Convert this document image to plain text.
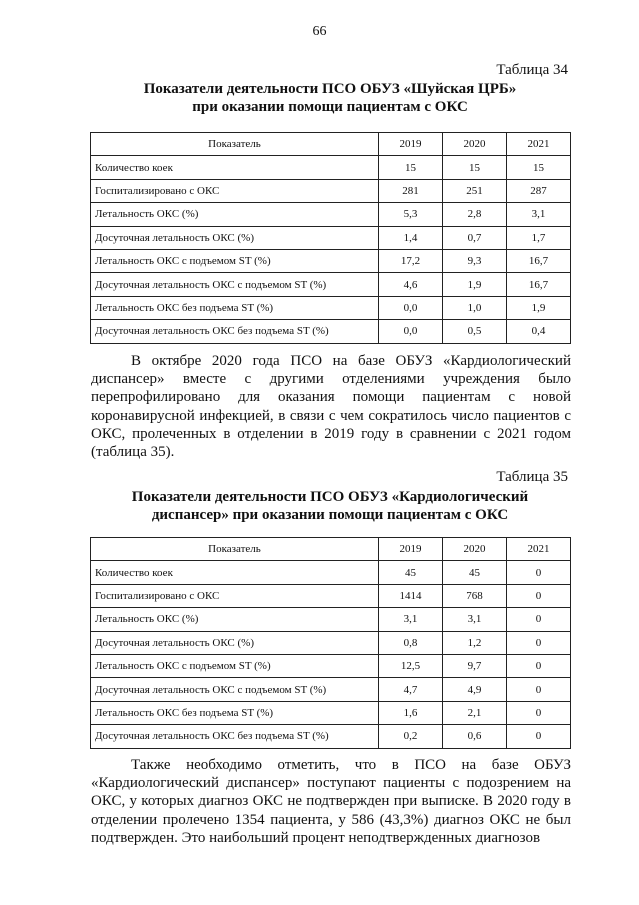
66
Таблица 34
Показатели деятельности ПСО ОБУЗ «Шуйская ЦРБ»
при оказании помощи пациентам с ОКС
Показатель	2019	2020	2021
Количество коек	15	15	15
Госпитализировано с ОКС	281	251	287
Летальность ОКС (%)	5,3	2,8	3,1
Досуточная летальность ОКС (%)	1,4	0,7	1,7
Летальность ОКС с подъемом ST (%)	17,2	9,3	16,7
Досуточная летальность ОКС с подъемом ST (%)	4,6	1,9	16,7
Летальность ОКС без подъема ST (%)	0,0	1,0	1,9
Досуточная летальность ОКС без подъема ST (%)	0,0	0,5	0,4

В октябре 2020 года ПСО на базе ОБУЗ «Кардиологический диспансер» вместе с другими отделениями учреждения было перепрофилировано для оказания помощи пациентам с новой коронавирусной инфекцией, в связи с чем сократилось число пациентов с ОКС, пролеченных в отделении в 2019 году в сравнении с 2021 годом (таблица 35).

Таблица 35
Показатели деятельности ПСО ОБУЗ «Кардиологический
диспансер» при оказании помощи пациентам с ОКС
Показатель	2019	2020	2021
Количество коек	45	45	0
Госпитализировано с ОКС	1414	768	0
Летальность ОКС (%)	3,1	3,1	0
Досуточная летальность ОКС (%)	0,8	1,2	0
Летальность ОКС с подъемом ST (%)	12,5	9,7	0
Досуточная летальность ОКС с подъемом ST (%)	4,7	4,9	0
Летальность ОКС без подъема ST (%)	1,6	2,1	0
Досуточная летальность ОКС без подъема ST (%)	0,2	0,6	0

Также необходимо отметить, что в ПСО на базе ОБУЗ «Кардиологический диспансер» поступают пациенты с подозрением на ОКС, у которых диагноз ОКС не подтвержден при выписке. В 2020 году в отделении пролечено 1354 пациента, у 586 (43,3%) диагноз ОКС не был подтвержден. Это наибольший процент неподтвержденных диагнозов
